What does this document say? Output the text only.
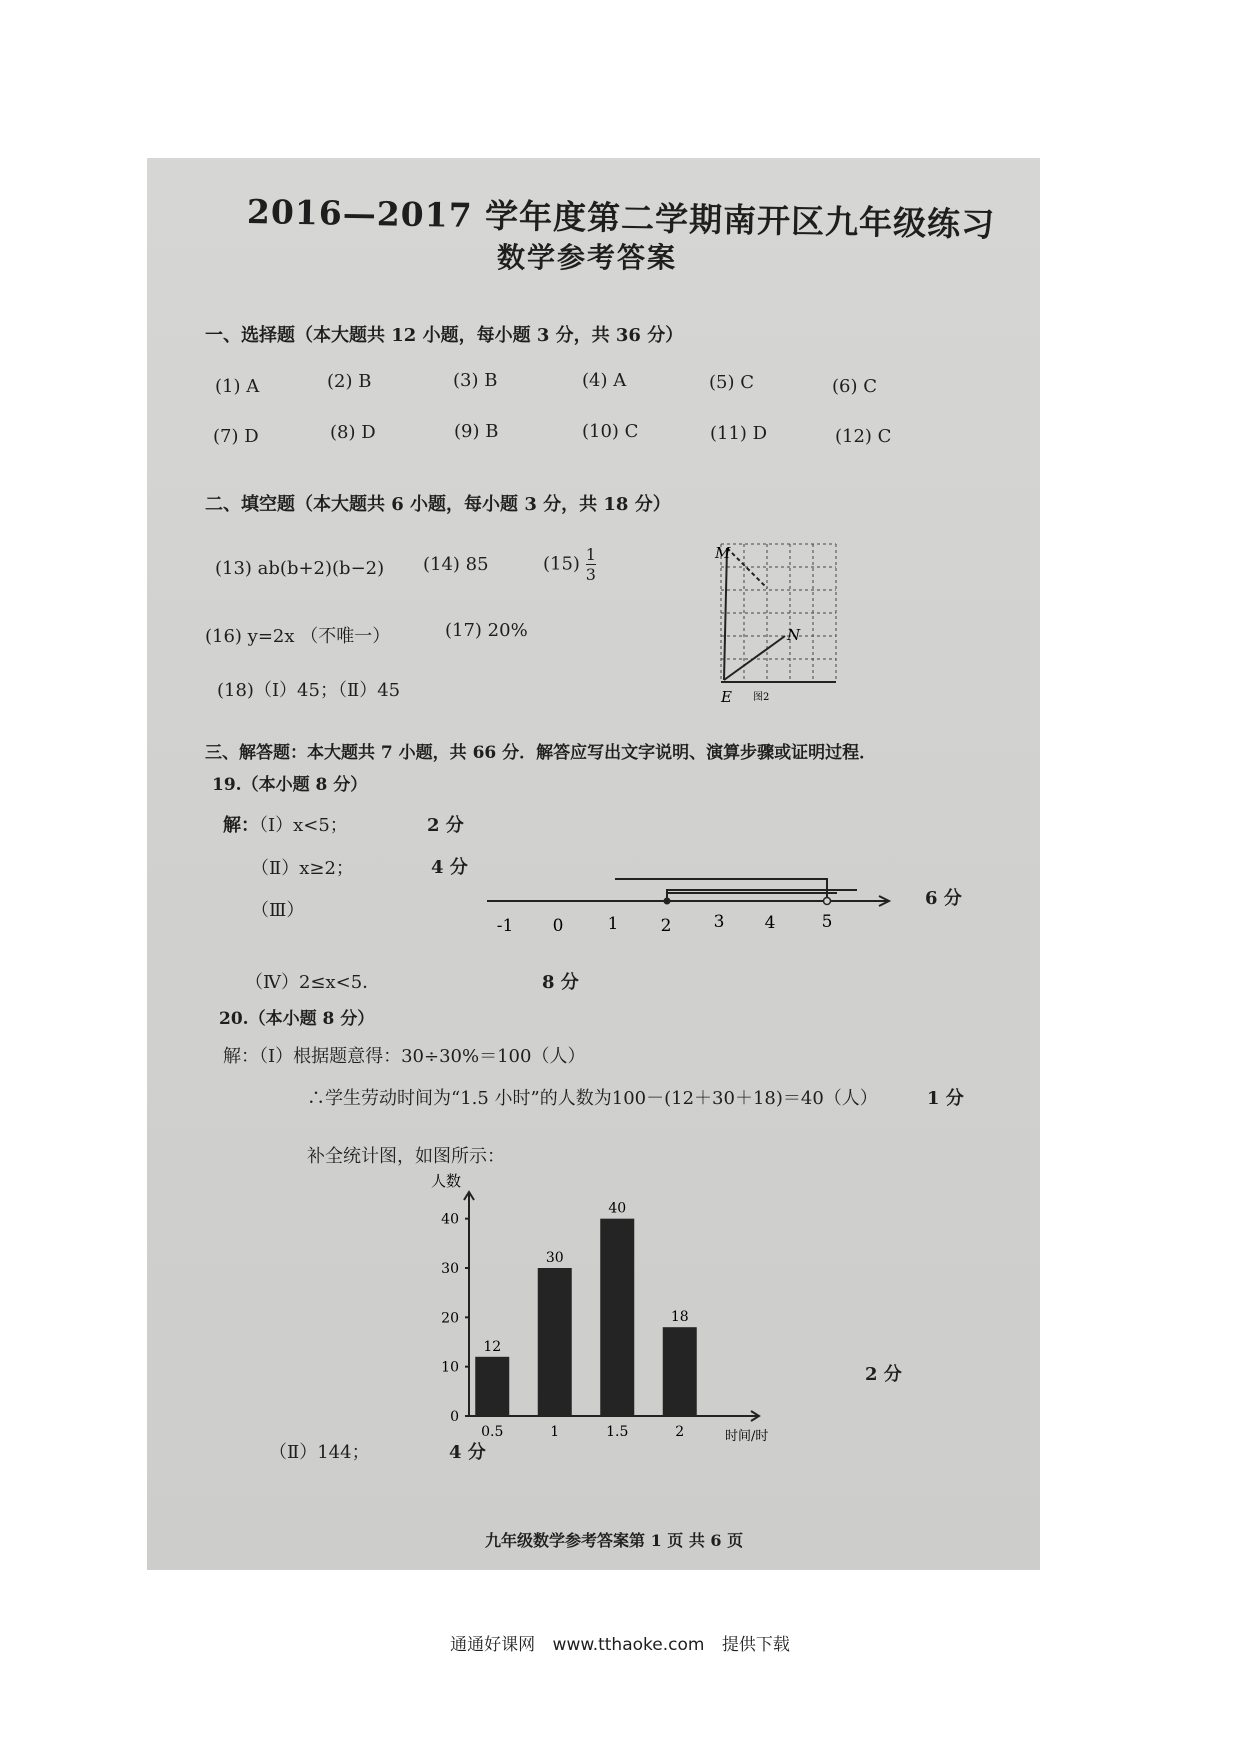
2016—2017 学年度第二学期南开区九年级练习
数学参考答案
一、选择题（本大题共 12 小题，每小题 3 分，共 36 分）
(1) A	(2) B	(3) B	(4) A	(5) C	(6) C
(7) D	(8) D	(9) B	(10) C	(11) D	(12) C
二、填空题（本大题共 6 小题，每小题 3 分，共 18 分）
(13) ab(b+2)(b−2) (14) 85	$(15) \frac{1}{3}$
(16) y=2x （不唯一）	(17) 20%
(18)（Ⅰ）45；（Ⅱ）45
M
N
E 图2
三、解答题：本大题共 7 小题，共 66 分．解答应写出文字说明、演算步骤或证明过程．
19.（本小题 8 分）
解：（Ⅰ）x<5；	2 分
（Ⅱ）x≥2；	4 分
（Ⅲ）
6 分
-1 0	1 2 3 4	5
（Ⅳ）2≤x<5．	8 分
20.（本小题 8 分）
解：（Ⅰ）根据题意得：30÷30%＝100（人）
∴学生劳动时间为“1.5 小时”的人数为100－(12＋30＋18)＝40（人）	1 分
补全统计图，如图所示：
人数
时间/时
0
10
20
30
40
12
0.5
30
1
40
1.5
18
2
2 分
（Ⅱ）144；	4 分
九年级数学参考答案第 1 页 共 6 页
通通好课网 www.tthaoke.com 提供下载
